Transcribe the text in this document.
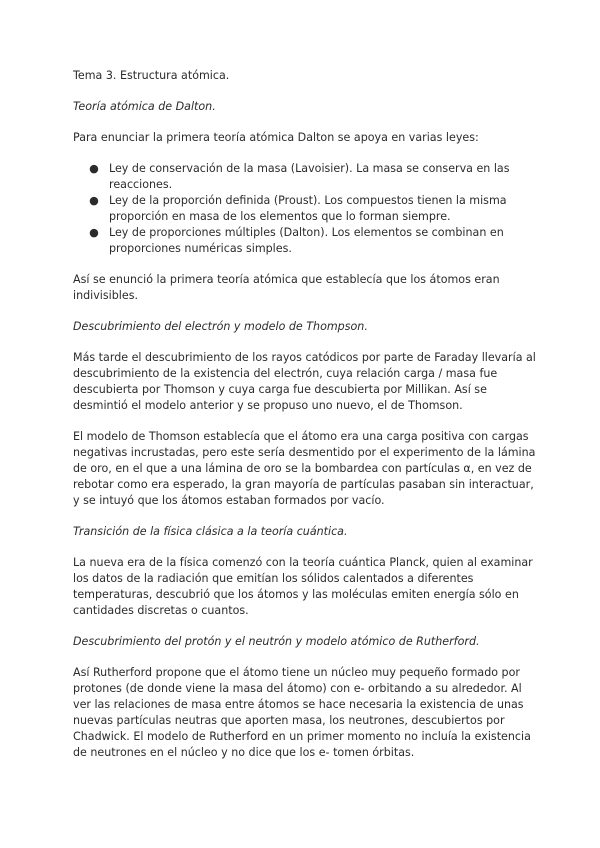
Tema 3. Estructura atómica.

Teoría atómica de Dalton.

Para enunciar la primera teoría atómica Dalton se apoya en varias leyes:

● Ley de conservación de la masa (Lavoisier). La masa se conserva en las reacciones.
● Ley de la proporción definida (Proust). Los compuestos tienen la misma proporción en masa de los elementos que lo forman siempre.
● Ley de proporciones múltiples (Dalton). Los elementos se combinan en proporciones numéricas simples.

Así se enunció la primera teoría atómica que establecía que los átomos eran indivisibles.

Descubrimiento del electrón y modelo de Thompson.

Más tarde el descubrimiento de los rayos catódicos por parte de Faraday llevaría al descubrimiento de la existencia del electrón, cuya relación carga / masa fue descubierta por Thomson y cuya carga fue descubierta por Millikan. Así se desmintió el modelo anterior y se propuso uno nuevo, el de Thomson.

El modelo de Thomson establecía que el átomo era una carga positiva con cargas negativas incrustadas, pero este sería desmentido por el experimento de la lámina de oro, en el que a una lámina de oro se la bombardea con partículas α, en vez de rebotar como era esperado, la gran mayoría de partículas pasaban sin interactuar, y se intuyó que los átomos estaban formados por vacío.

Transición de la física clásica a la teoría cuántica.

La nueva era de la física comenzó con la teoría cuántica Planck, quien al examinar los datos de la radiación que emitían los sólidos calentados a diferentes temperaturas, descubrió que los átomos y las moléculas emiten energía sólo en cantidades discretas o cuantos.

Descubrimiento del protón y el neutrón y modelo atómico de Rutherford.

Así Rutherford propone que el átomo tiene un núcleo muy pequeño formado por protones (de donde viene la masa del átomo) con e- orbitando a su alrededor. Al ver las relaciones de masa entre átomos se hace necesaria la existencia de unas nuevas partículas neutras que aporten masa, los neutrones, descubiertos por Chadwick. El modelo de Rutherford en un primer momento no incluía la existencia de neutrones en el núcleo y no dice que los e- tomen órbitas.
